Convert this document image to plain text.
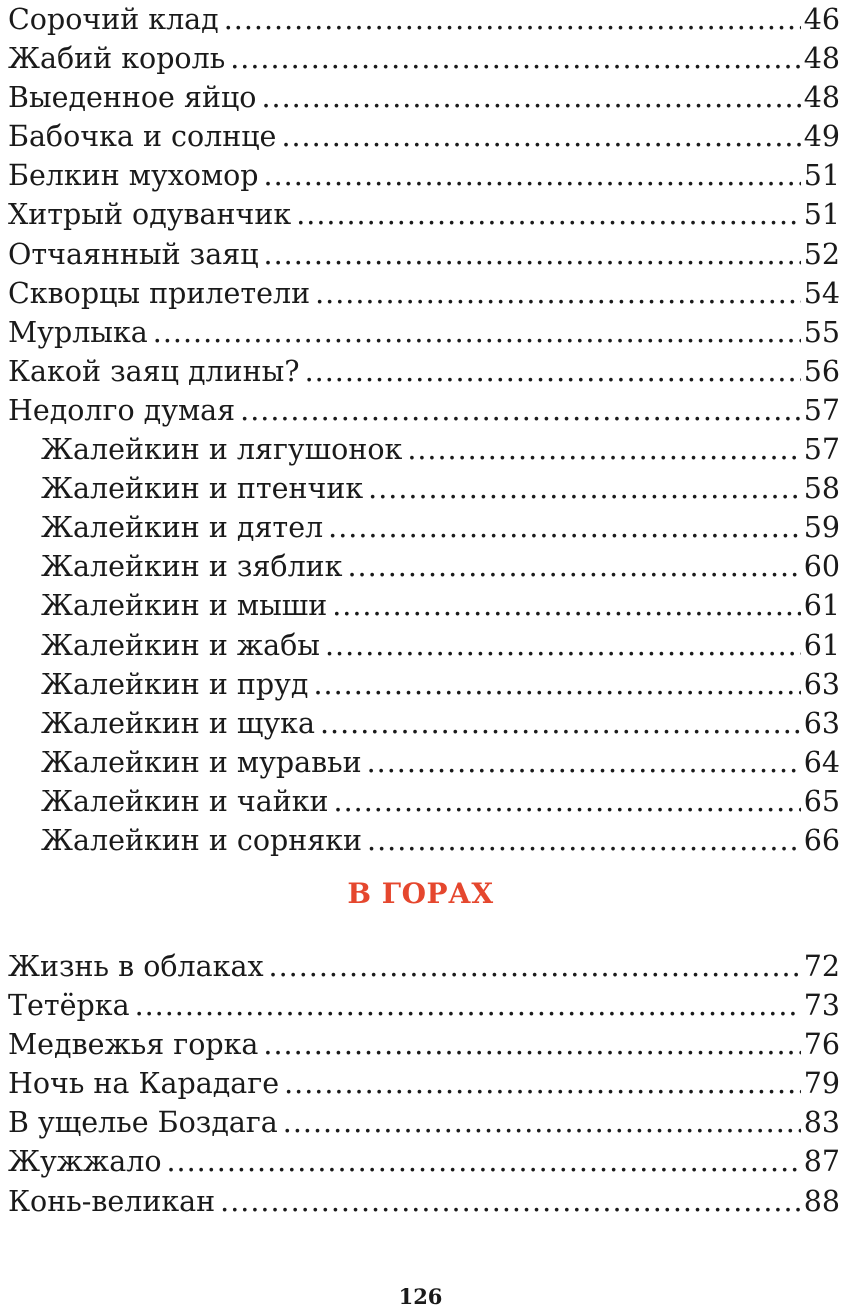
Сорочий клад .....	46
Жабий король .....	48
Выеденное яйцо .....	48
Бабочка и солнце .....	49
Белкин мухомор .....	51
Хитрый одуванчик .....	51
Отчаянный заяц .....	52
Скворцы прилетели .....	54
Мурлыка .....	55
Какой заяц длины? .....	56
Недолго думая .....	57
Жалейкин и лягушонок .....	57
Жалейкин и птенчик .....	58
Жалейкин и дятел .....	59
Жалейкин и зяблик .....	60
Жалейкин и мыши .....	61
Жалейкин и жабы .....	61
Жалейкин и пруд .....	63
Жалейкин и щука .....	63
Жалейкин и муравьи .....	64
Жалейкин и чайки .....	65
Жалейкин и сорняки .....	66
В ГОРАХ
Жизнь в облаках .....	72
Тетёрка .....	73
Медвежья горка .....	76
Ночь на Карадаге .....	79
В ущелье Боздага .....	83
Жужжало .....	87
Конь-великан .....	88
126
